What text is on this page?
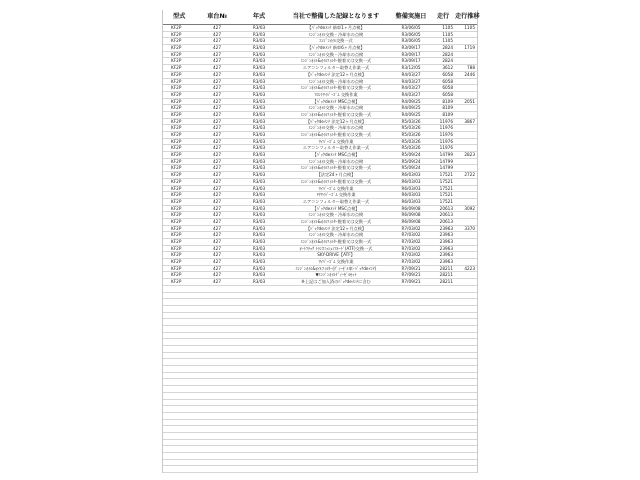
型式	車台№	年式	当社で整備した記録となります	整備実施日	走行	走行推移
KF2P	427	R3/03	【ﾊﾟｯｸdeﾒﾝﾃ 新車1ヶ月点検】	R3/06/05	1105	1105
KF2P	427	R3/03	ｴﾝｼﾞﾝｵｲﾙ交換・冷却水の点検	R3/06/05	1105	
KF2P	427	R3/03	ｴﾝｼﾞﾝｵｲﾙ交換一式	R3/06/05	1105	
KF2P	427	R3/03	【ﾊﾟｯｸdeﾒﾝﾃ 新車6ヶ月点検】	R3/09/17	2824	1719
KF2P	427	R3/03	ｴﾝｼﾞﾝｵｲﾙ交換・冷却水の点検	R3/09/17	2824	
KF2P	427	R3/03	ｴﾝｼﾞﾝｵｲﾙ&ｵｲﾙﾌｨﾙﾀｰ脱着又は交換一式	R3/09/17	2824	
KF2P	427	R3/03	エアコンフィルター取替え作業一式	R3/12/05	3612	788
KF2P	427	R3/03	【ﾊﾟｯｸdeﾒﾝﾃ 法定12ヶ月点検】	R4/03/27	6058	2446
KF2P	427	R3/03	ｴﾝｼﾞﾝｵｲﾙ交換・冷却水の点検	R4/03/27	6058	
KF2P	427	R3/03	ｴﾝｼﾞﾝｵｲﾙ&ｵｲﾙﾌｨﾙﾀｰ脱着又は交換一式	R4/03/27	6058	
KF2P	427	R3/03	ﾌﾛﾝﾄﾜｲﾊﾟｰｺﾞﾑ 交換作業	R4/03/27	6058	
KF2P	427	R3/03	【ﾊﾟｯｸdeﾒﾝﾃ MSC点検】	R4/09/25	8109	2051
KF2P	427	R3/03	ｴﾝｼﾞﾝｵｲﾙ交換・冷却水の点検	R4/09/25	8109	
KF2P	427	R3/03	ｴﾝｼﾞﾝｵｲﾙ&ｵｲﾙﾌｨﾙﾀｰ脱着又は交換一式	R4/09/25	8109	
KF2P	427	R3/03	【ﾊﾟｯｸdeﾒﾝﾃ 法定12ヶ月点検】	R5/03/26	11976	3867
KF2P	427	R3/03	ｴﾝｼﾞﾝｵｲﾙ交換・冷却水の点検	R5/03/26	11976	
KF2P	427	R3/03	ｴﾝｼﾞﾝｵｲﾙ&ｵｲﾙﾌｨﾙﾀｰ脱着又は交換一式	R5/03/26	11976	
KF2P	427	R3/03	ﾜｲﾊﾟｰｺﾞﾑ 交換作業	R5/03/26	11976	
KF2P	427	R3/03	エアコンフィルター取替え作業一式	R5/03/26	11976	
KF2P	427	R3/03	【ﾊﾟｯｸdeﾒﾝﾃ MSC点検】	R5/09/24	14799	2823
KF2P	427	R3/03	ｴﾝｼﾞﾝｵｲﾙ交換・冷却水の点検	R5/09/24	14799	
KF2P	427	R3/03	ｴﾝｼﾞﾝｵｲﾙ&ｵｲﾙﾌｨﾙﾀｰ脱着又は交換一式	R5/09/24	14799	
KF2P	427	R3/03	【法定24ヶ月点検】	R6/03/03	17521	2722
KF2P	427	R3/03	ｴﾝｼﾞﾝｵｲﾙ&ｵｲﾙﾌｨﾙﾀｰ脱着又は交換一式	R6/03/03	17521	
KF2P	427	R3/03	ﾜｲﾊﾟｰｺﾞﾑ 交換作業	R6/03/03	17521	
KF2P	427	R3/03	ﾘﾔﾜｲﾊﾟｰｺﾞﾑ 交換作業	R6/03/03	17521	
KF2P	427	R3/03	エアコンフィルター取替え作業一式	R6/03/03	17521	
KF2P	427	R3/03	【ﾊﾟｯｸdeﾒﾝﾃ MSC点検】	R6/09/08	20613	3092
KF2P	427	R3/03	ｴﾝｼﾞﾝｵｲﾙ交換・冷却水の点検	R6/09/08	20613	
KF2P	427	R3/03	ｴﾝｼﾞﾝｵｲﾙ&ｵｲﾙﾌｨﾙﾀｰ脱着又は交換一式	R6/09/08	20613	
KF2P	427	R3/03	【ﾊﾟｯｸdeﾒﾝﾃ 法定12ヶ月点検】	R7/03/02	23963	3370
KF2P	427	R3/03	ｴﾝｼﾞﾝｵｲﾙ交換・冷却水の点検	R7/03/02	23963	
KF2P	427	R3/03	ｴﾝｼﾞﾝｵｲﾙ&ｵｲﾙﾌｨﾙﾀｰ脱着又は交換一式	R7/03/02	23963	
KF2P	427	R3/03	ｵｰﾄﾏﾁｯｸ ﾄﾗﾝｽﾐｯｼｮﾝﾌﾙｰﾄﾞ(ATF)交換一式	R7/03/02	23963	
KF2P	427	R3/03	SKY-DRIVE【ATF】	R7/03/02	23963	
KF2P	427	R3/03	ﾜｲﾊﾟｰｺﾞﾑ 交換作業	R7/03/02	23963	
KF2P	427	R3/03	ｴﾝｼﾞﾝｵｲﾙ&ｵｲﾙﾌｨﾙﾀｰ(ﾃﾞｨｰｾﾞﾙ車･ﾊﾟｯｸdeﾒﾝﾃ)	R7/09/21	28211	4223
KF2P	427	R3/03	▼ｴﾝｼﾞﾝｵｲﾙﾃﾞｨｰｾﾞﾙｾｯﾄ	R7/09/21	28211	
KF2P	427	R3/03	※上記はご加入済のﾊﾟｯｸdeﾒﾝﾃに含む	R7/09/21	28211	
